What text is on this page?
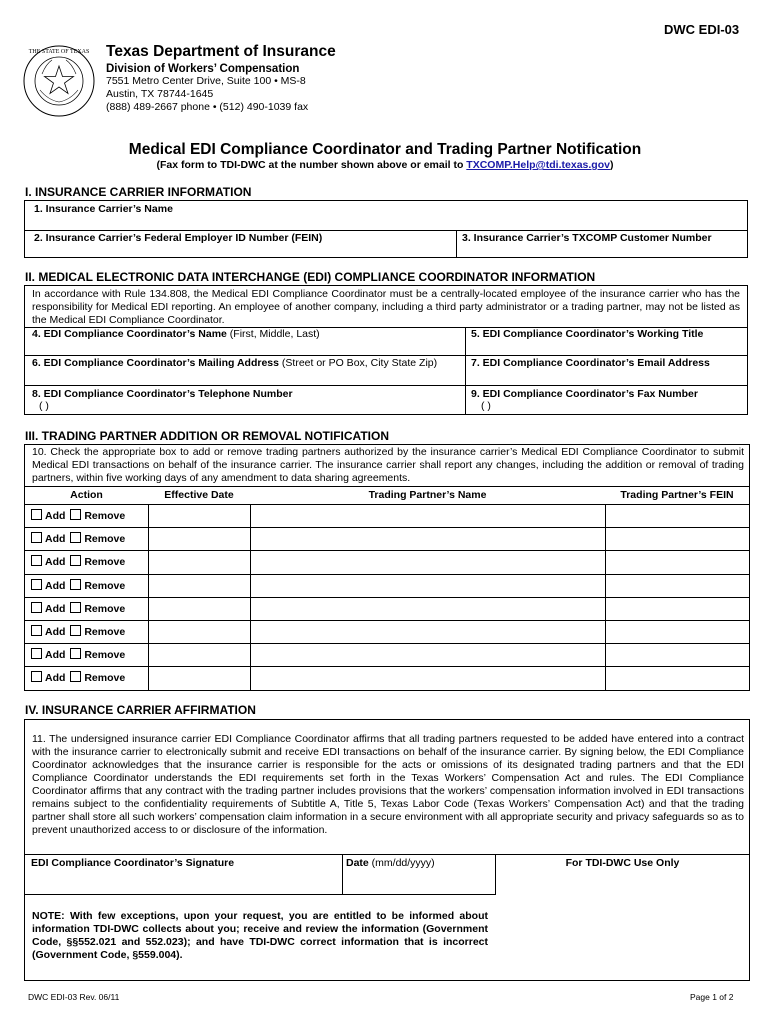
DWC EDI-03
THE STATE OF TEXAS Texas Department of Insurance
Division of Workers’ Compensation
7551 Metro Center Drive, Suite 100 • MS-8
Austin, TX 78744-1645
(888) 489-2667 phone • (512) 490-1039 fax
Medical EDI Compliance Coordinator and Trading Partner Notification
(Fax form to TDI-DWC at the number shown above or email to TXCOMP.Help@tdi.texas.gov)
I. INSURANCE CARRIER INFORMATION
1. Insurance Carrier’s Name
2. Insurance Carrier’s Federal Employer ID Number (FEIN)	3. Insurance Carrier’s TXCOMP Customer Number
II. MEDICAL ELECTRONIC DATA INTERCHANGE (EDI) COMPLIANCE COORDINATOR INFORMATION
In accordance with Rule 134.808, the Medical EDI Compliance Coordinator must be a centrally-located employee of the insurance carrier who has the responsibility for Medical EDI reporting. An employee of another company, including a third party administrator or a trading partner, may not be listed as the Medical EDI Compliance Coordinator.
4. EDI Compliance Coordinator’s Name (First, Middle, Last)	5. EDI Compliance Coordinator’s Working Title
6. EDI Compliance Coordinator’s Mailing Address (Street or PO Box, City State Zip)	7. EDI Compliance Coordinator’s Email Address
8. EDI Compliance Coordinator’s Telephone Number
( )
9. EDI Compliance Coordinator’s Fax Number
( )
III. TRADING PARTNER ADDITION OR REMOVAL NOTIFICATION
10. Check the appropriate box to add or remove trading partners authorized by the insurance carrier’s Medical EDI Compliance Coordinator to submit Medical EDI transactions on behalf of the insurance carrier. The insurance carrier shall report any changes, including the addition or removal of trading partners, within five working days of any amendment to data sharing agreements.
Action	Effective Date	Trading Partner’s Name	Trading Partner’s FEIN
Add Remove
Add Remove
Add Remove
Add Remove
Add Remove
Add Remove
Add Remove
Add Remove
IV. INSURANCE CARRIER AFFIRMATION
11. The undersigned insurance carrier EDI Compliance Coordinator affirms that all trading partners requested to be added have entered into a contract with the insurance carrier to electronically submit and receive EDI transactions on behalf of the insurance carrier. By signing below, the EDI Compliance Coordinator acknowledges that the insurance carrier is responsible for the acts or omissions of its designated trading partners and that the EDI Compliance Coordinator understands the EDI requirements set forth in the Texas Workers’ Compensation Act and rules. The EDI Compliance Coordinator affirms that any contract with the trading partner includes provisions that the workers’ compensation information involved in EDI transactions remains subject to the confidentiality requirements of Subtitle A, Title 5, Texas Labor Code (Texas Workers’ Compensation Act) and that the trading partner shall store all such workers’ compensation claim information in a secure environment with all appropriate security and privacy safeguards so as to prevent unauthorized access to or disclosure of the information.
EDI Compliance Coordinator’s Signature	Date (mm/dd/yyyy)	For TDI-DWC Use Only
NOTE: With few exceptions, upon your request, you are entitled to be informed about information TDI-DWC collects about you; receive and review the information (Government Code, §§552.021 and 552.023); and have TDI-DWC correct information that is incorrect (Government Code, §559.004).
DWC EDI-03 Rev. 06/11	Page 1 of 2
